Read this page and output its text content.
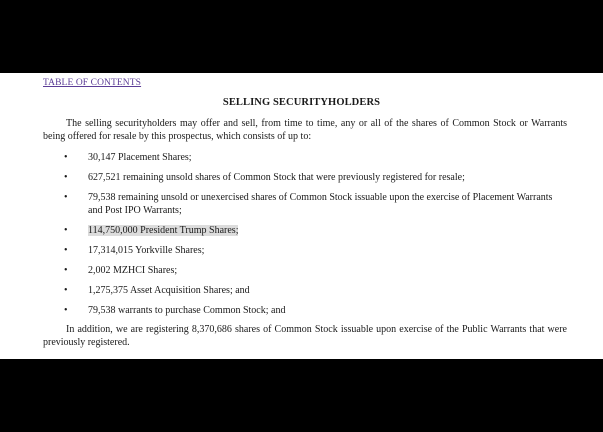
TABLE OF CONTENTS
SELLING SECURITYHOLDERS

The selling securityholders may offer and sell, from time to time, any or all of the shares of Common Stock or Warrants being offered for resale by this prospectus, which consists of up to:

• 30,147 Placement Shares;

• 627,521 remaining unsold shares of Common Stock that were previously registered for resale;

• 79,538 remaining unsold or unexercised shares of Common Stock issuable upon the exercise of Placement Warrants and Post IPO Warrants;

• 114,750,000 President Trump Shares;

• 17,314,015 Yorkville Shares;

• 2,002 MZHCI Shares;

• 1,275,375 Asset Acquisition Shares; and

• 79,538 warrants to purchase Common Stock; and

In addition, we are registering 8,370,686 shares of Common Stock issuable upon exercise of the Public Warrants that were previously registered.
